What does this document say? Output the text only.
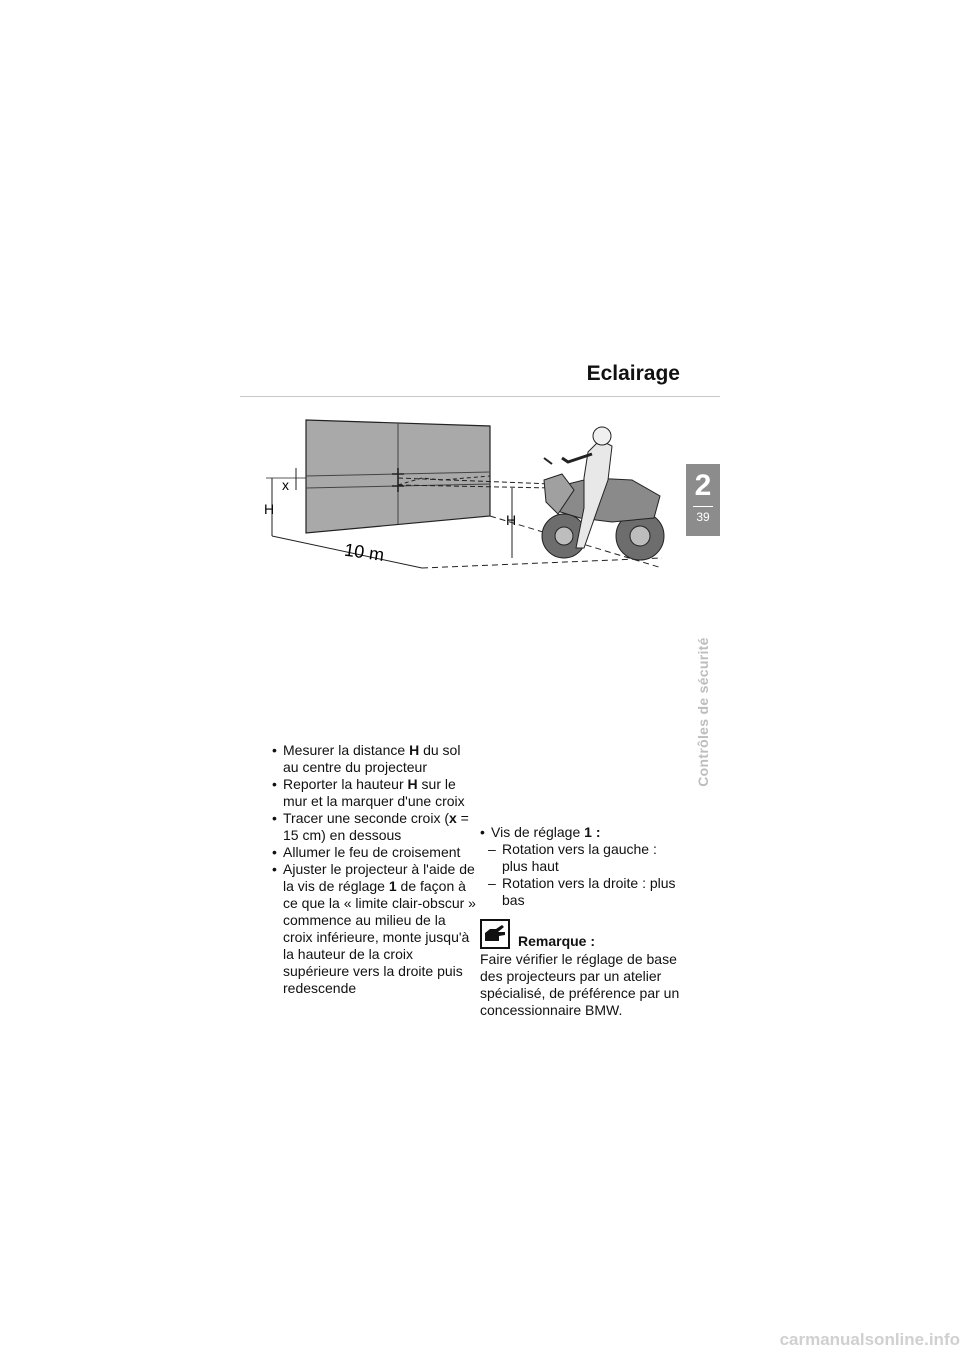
Eclairage
2
39
Contrôles de sécurité
x
H
H
10 m
• Mesurer la distance H du sol au centre du projecteur
• Reporter la hauteur H sur le mur et la marquer d'une croix
• Tracer une seconde croix (x = 15 cm) en dessous
• Allumer le feu de croisement
• Ajuster le projecteur à l'aide de la vis de réglage 1 de façon à ce que la « limite clair-obscur » commence au milieu de la croix inférieure, monte jusqu'à la hauteur de la croix supérieure vers la droite puis redescende
• Vis de réglage 1 :
– Rotation vers la gauche : plus haut
– Rotation vers la droite : plus bas
Remarque :
Faire vérifier le réglage de base des projecteurs par un atelier spécialisé, de préférence par un concessionnaire BMW.
carmanualsonline.info
